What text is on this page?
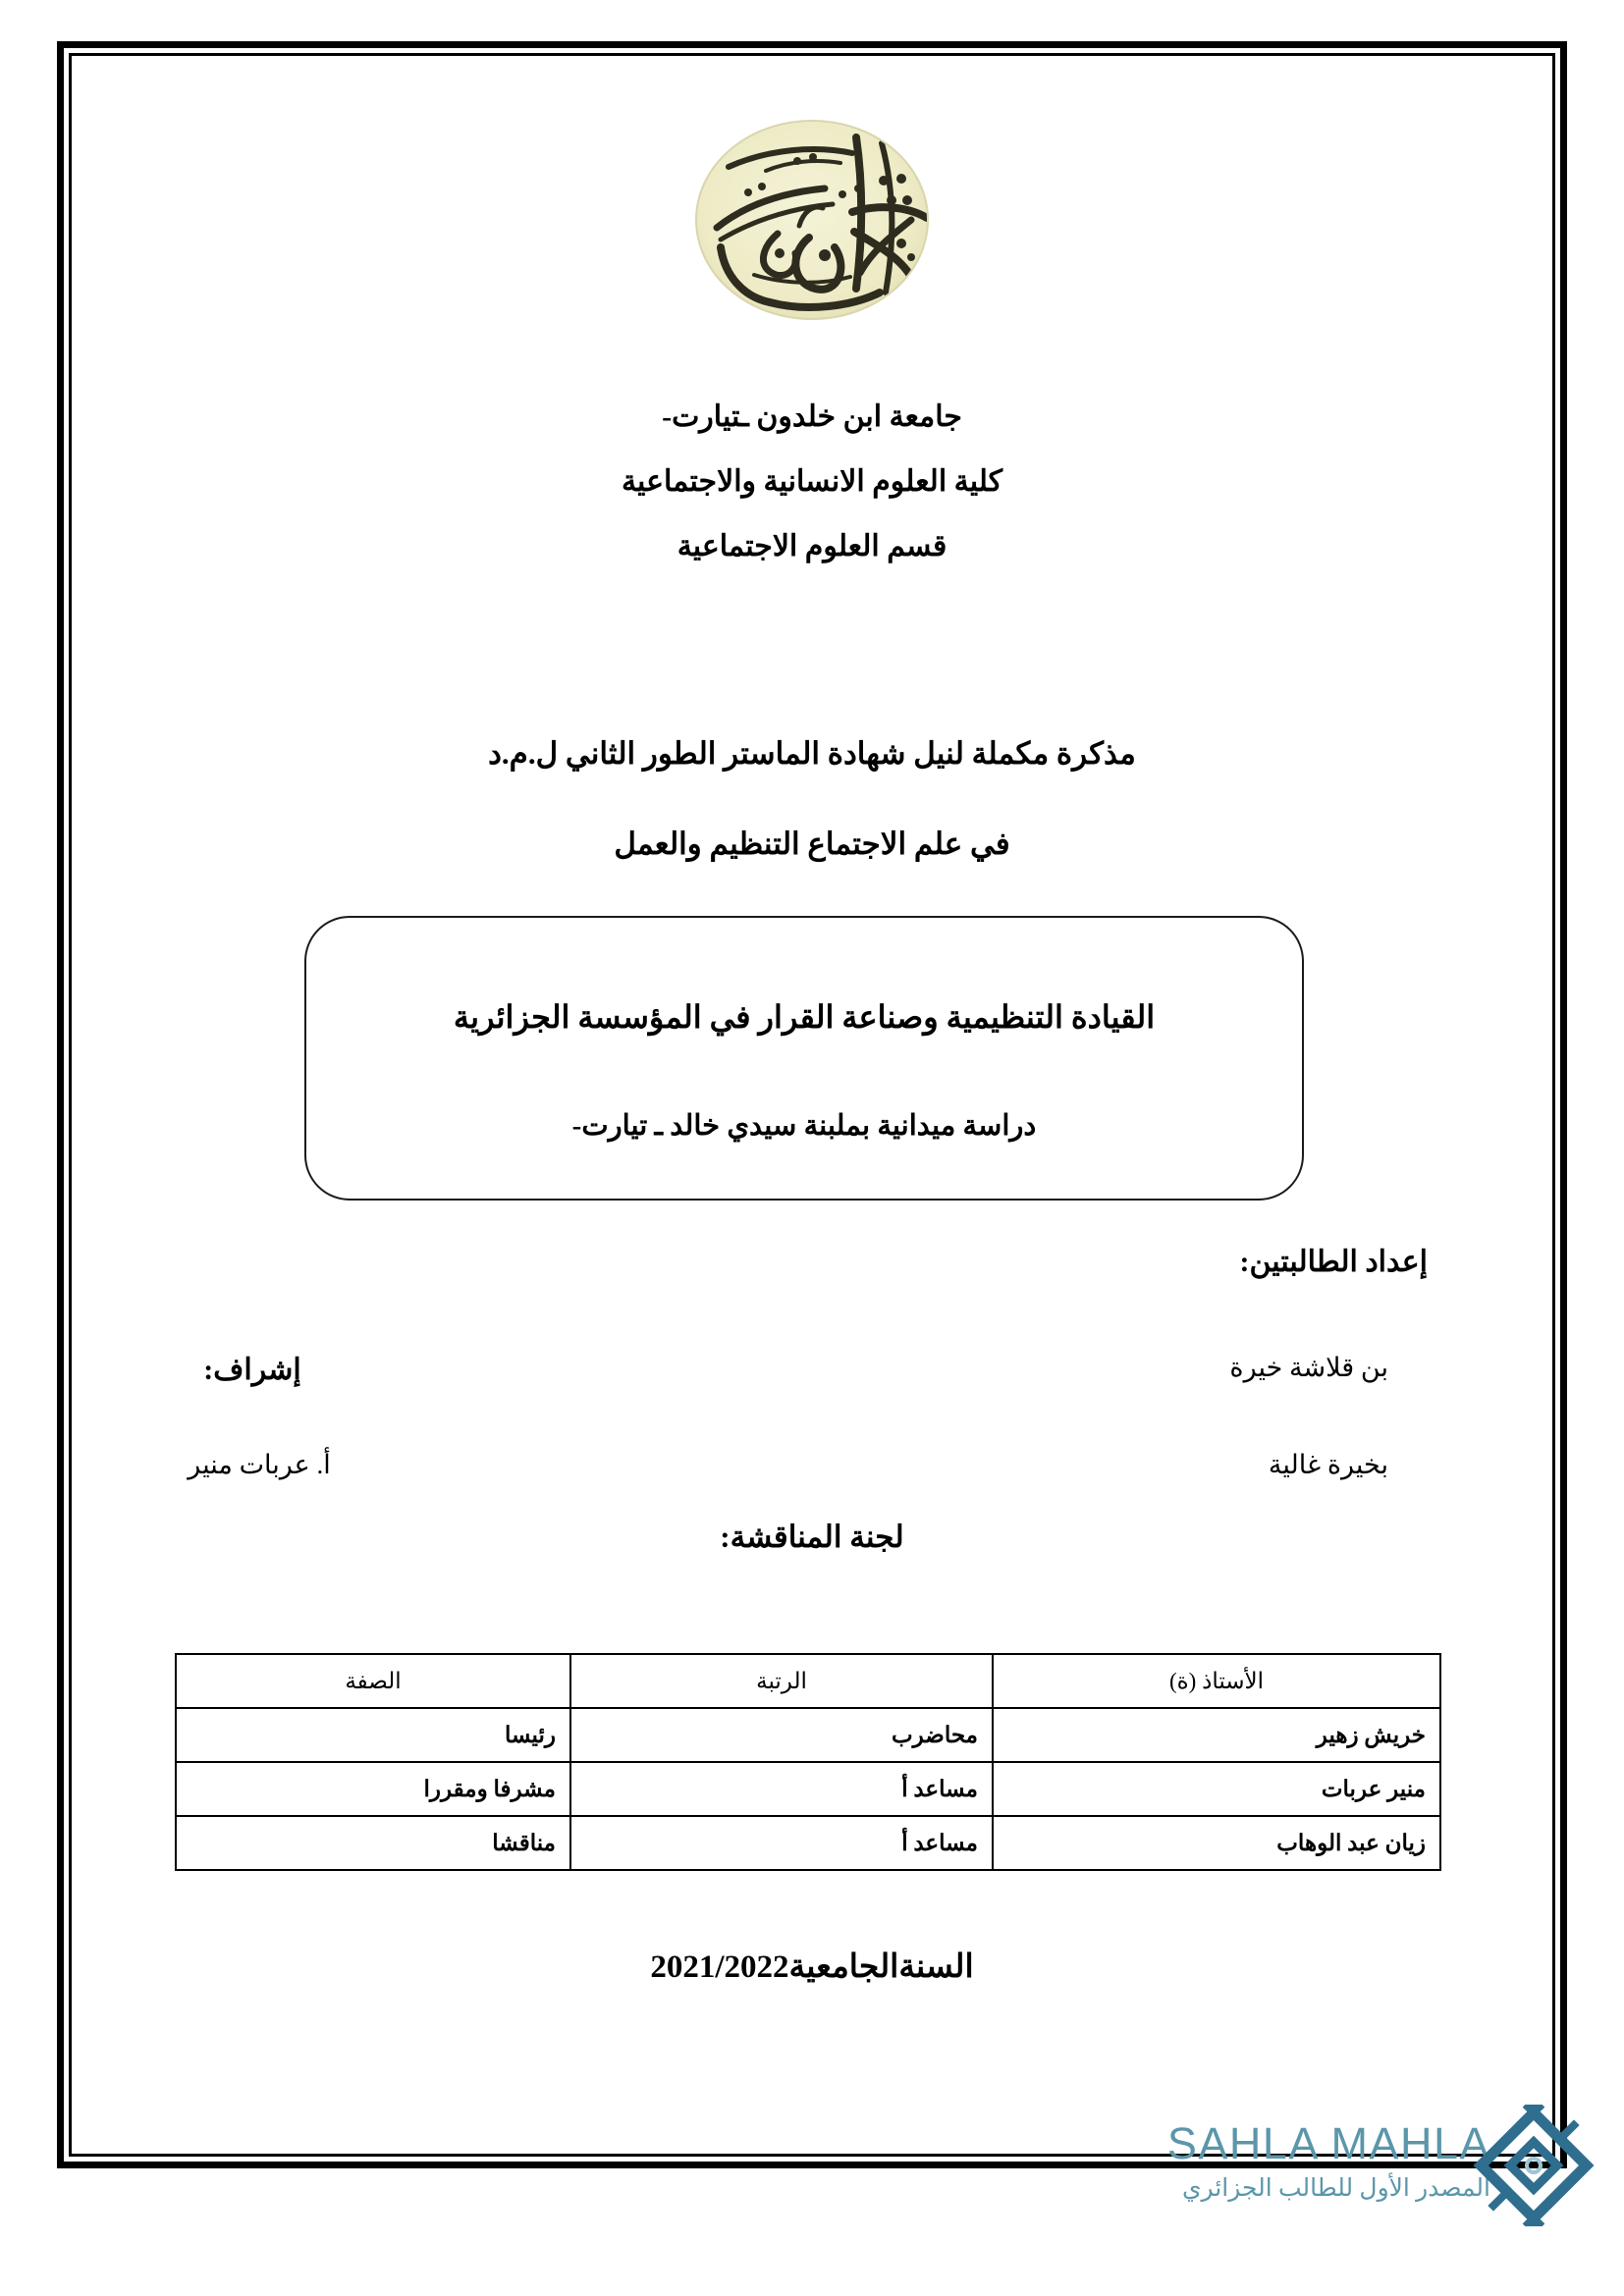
جامعة ابن خلدون ـتيارت-
كلية العلوم الانسانية والاجتماعية
قسم العلوم الاجتماعية
مذكرة مكملة لنيل شهادة الماستر الطور الثاني ل.م.د
في علم الاجتماع التنظيم والعمل
القيادة التنظيمية وصناعة القرار في المؤسسة الجزائرية
دراسة ميدانية بملبنة سيدي خالد ـ تيارت-
إعداد الطالبتين:
بن قلاشة خيرة
بخيرة غالية
إشراف:
أ. عربات منير
لجنة المناقشة:
الأستاذ (ة)	الرتبة	الصفة
خريش زهير	محاضرب	رئيسا
منير عربات	مساعد أ	مشرفا ومقررا
زيان عبد الوهاب	مساعد أ	مناقشا
السنةالجامعية2021/2022
SAHLA MAHLA
المصدر الأول للطالب الجزائري
